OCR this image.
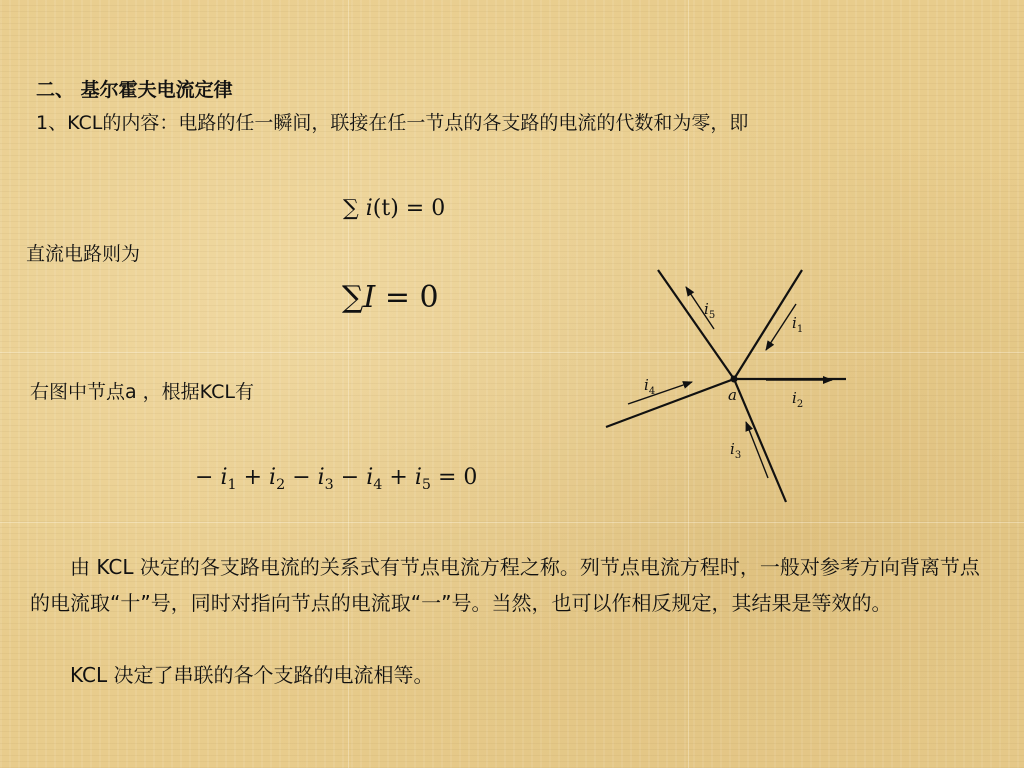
二、 基尔霍夫电流定律
1、KCL的内容：电路的任一瞬间，联接在任一节点的各支路的电流的代数和为零，即
∑ i(t) = 0
直流电路则为
∑I = 0
右图中节点a ，根据KCL有
− $i_1 + i_2 - i_3 - i_4 + i_5 = 0$
$i_5$	$i_1$
$i_2$
$i_3$
$i_4$	a
由 KCL 决定的各支路电流的关系式有节点电流方程之称。列节点电流方程时，一般对参考方向背离节点的电流取“十”号，同时对指向节点的电流取“一”号。当然，也可以作相反规定，其结果是等效的。
KCL 决定了串联的各个支路的电流相等。
